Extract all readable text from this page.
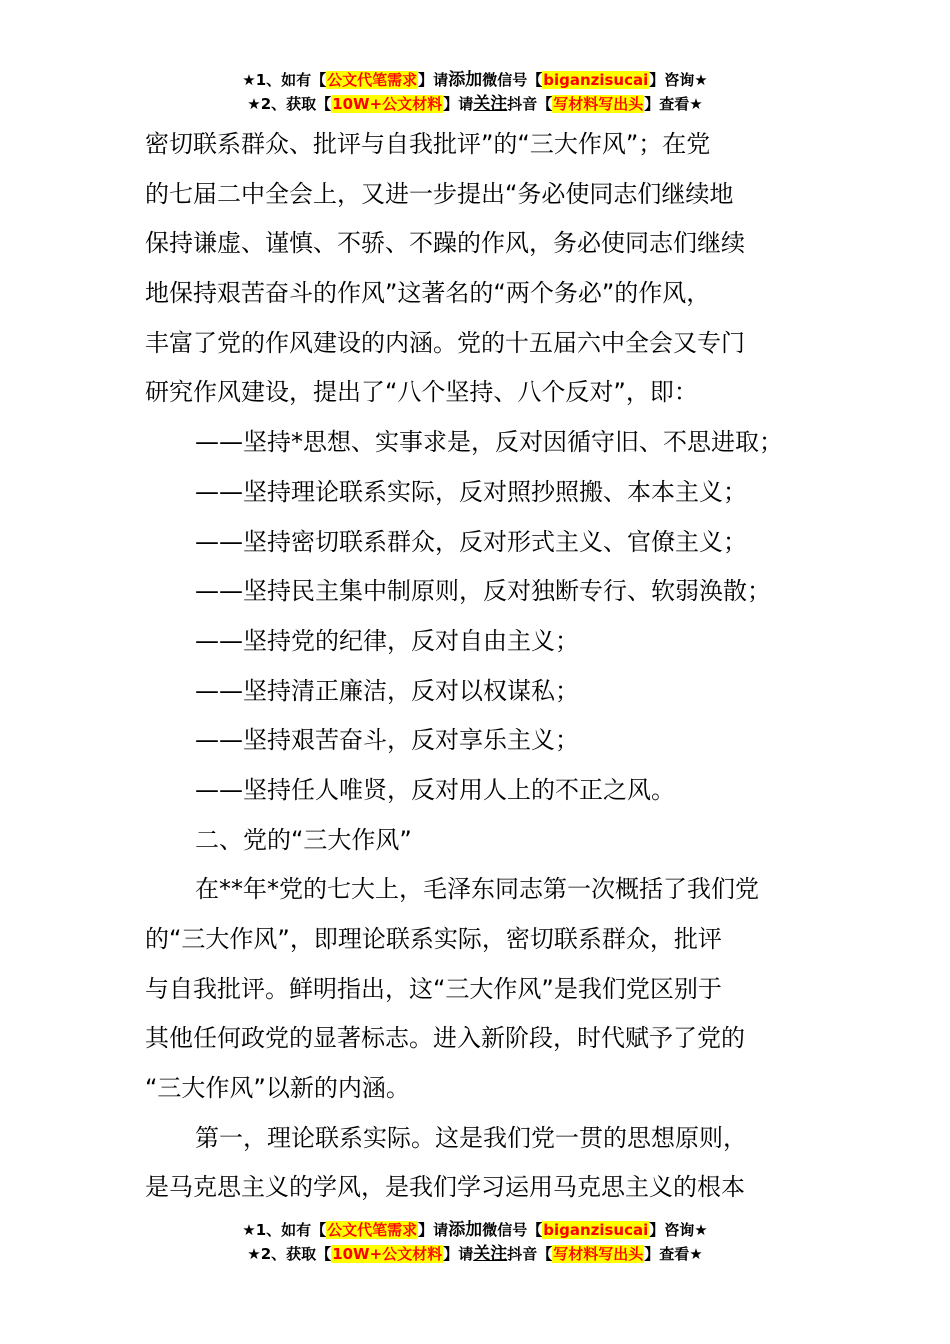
★1、如有【公文代笔需求】请添加微信号【biganzisucai】咨询★
★2、获取【10W+公文材料】请关注抖音【写材料写出头】查看★
密切联系群众、批评与自我批评”的“三大作风”；在党
的七届二中全会上，又进一步提出“务必使同志们继续地
保持谦虚、谨慎、不骄、不躁的作风，务必使同志们继续
地保持艰苦奋斗的作风”这著名的“两个务必”的作风，
丰富了党的作风建设的内涵。党的十五届六中全会又专门
研究作风建设，提出了“八个坚持、八个反对”，即：
——坚持*思想、实事求是，反对因循守旧、不思进取；
——坚持理论联系实际，反对照抄照搬、本本主义；
——坚持密切联系群众，反对形式主义、官僚主义；
——坚持民主集中制原则，反对独断专行、软弱涣散；
——坚持党的纪律，反对自由主义；
——坚持清正廉洁，反对以权谋私；
——坚持艰苦奋斗，反对享乐主义；
——坚持任人唯贤，反对用人上的不正之风。
二、党的“三大作风”
在**年*党的七大上，毛泽东同志第一次概括了我们党
的“三大作风”，即理论联系实际，密切联系群众，批评
与自我批评。鲜明指出，这“三大作风”是我们党区别于
其他任何政党的显著标志。进入新阶段，时代赋予了党的
“三大作风”以新的内涵。
第一，理论联系实际。这是我们党一贯的思想原则，
是马克思主义的学风，是我们学习运用马克思主义的根本
★1、如有【公文代笔需求】请添加微信号【biganzisucai】咨询★
★2、获取【10W+公文材料】请关注抖音【写材料写出头】查看★
